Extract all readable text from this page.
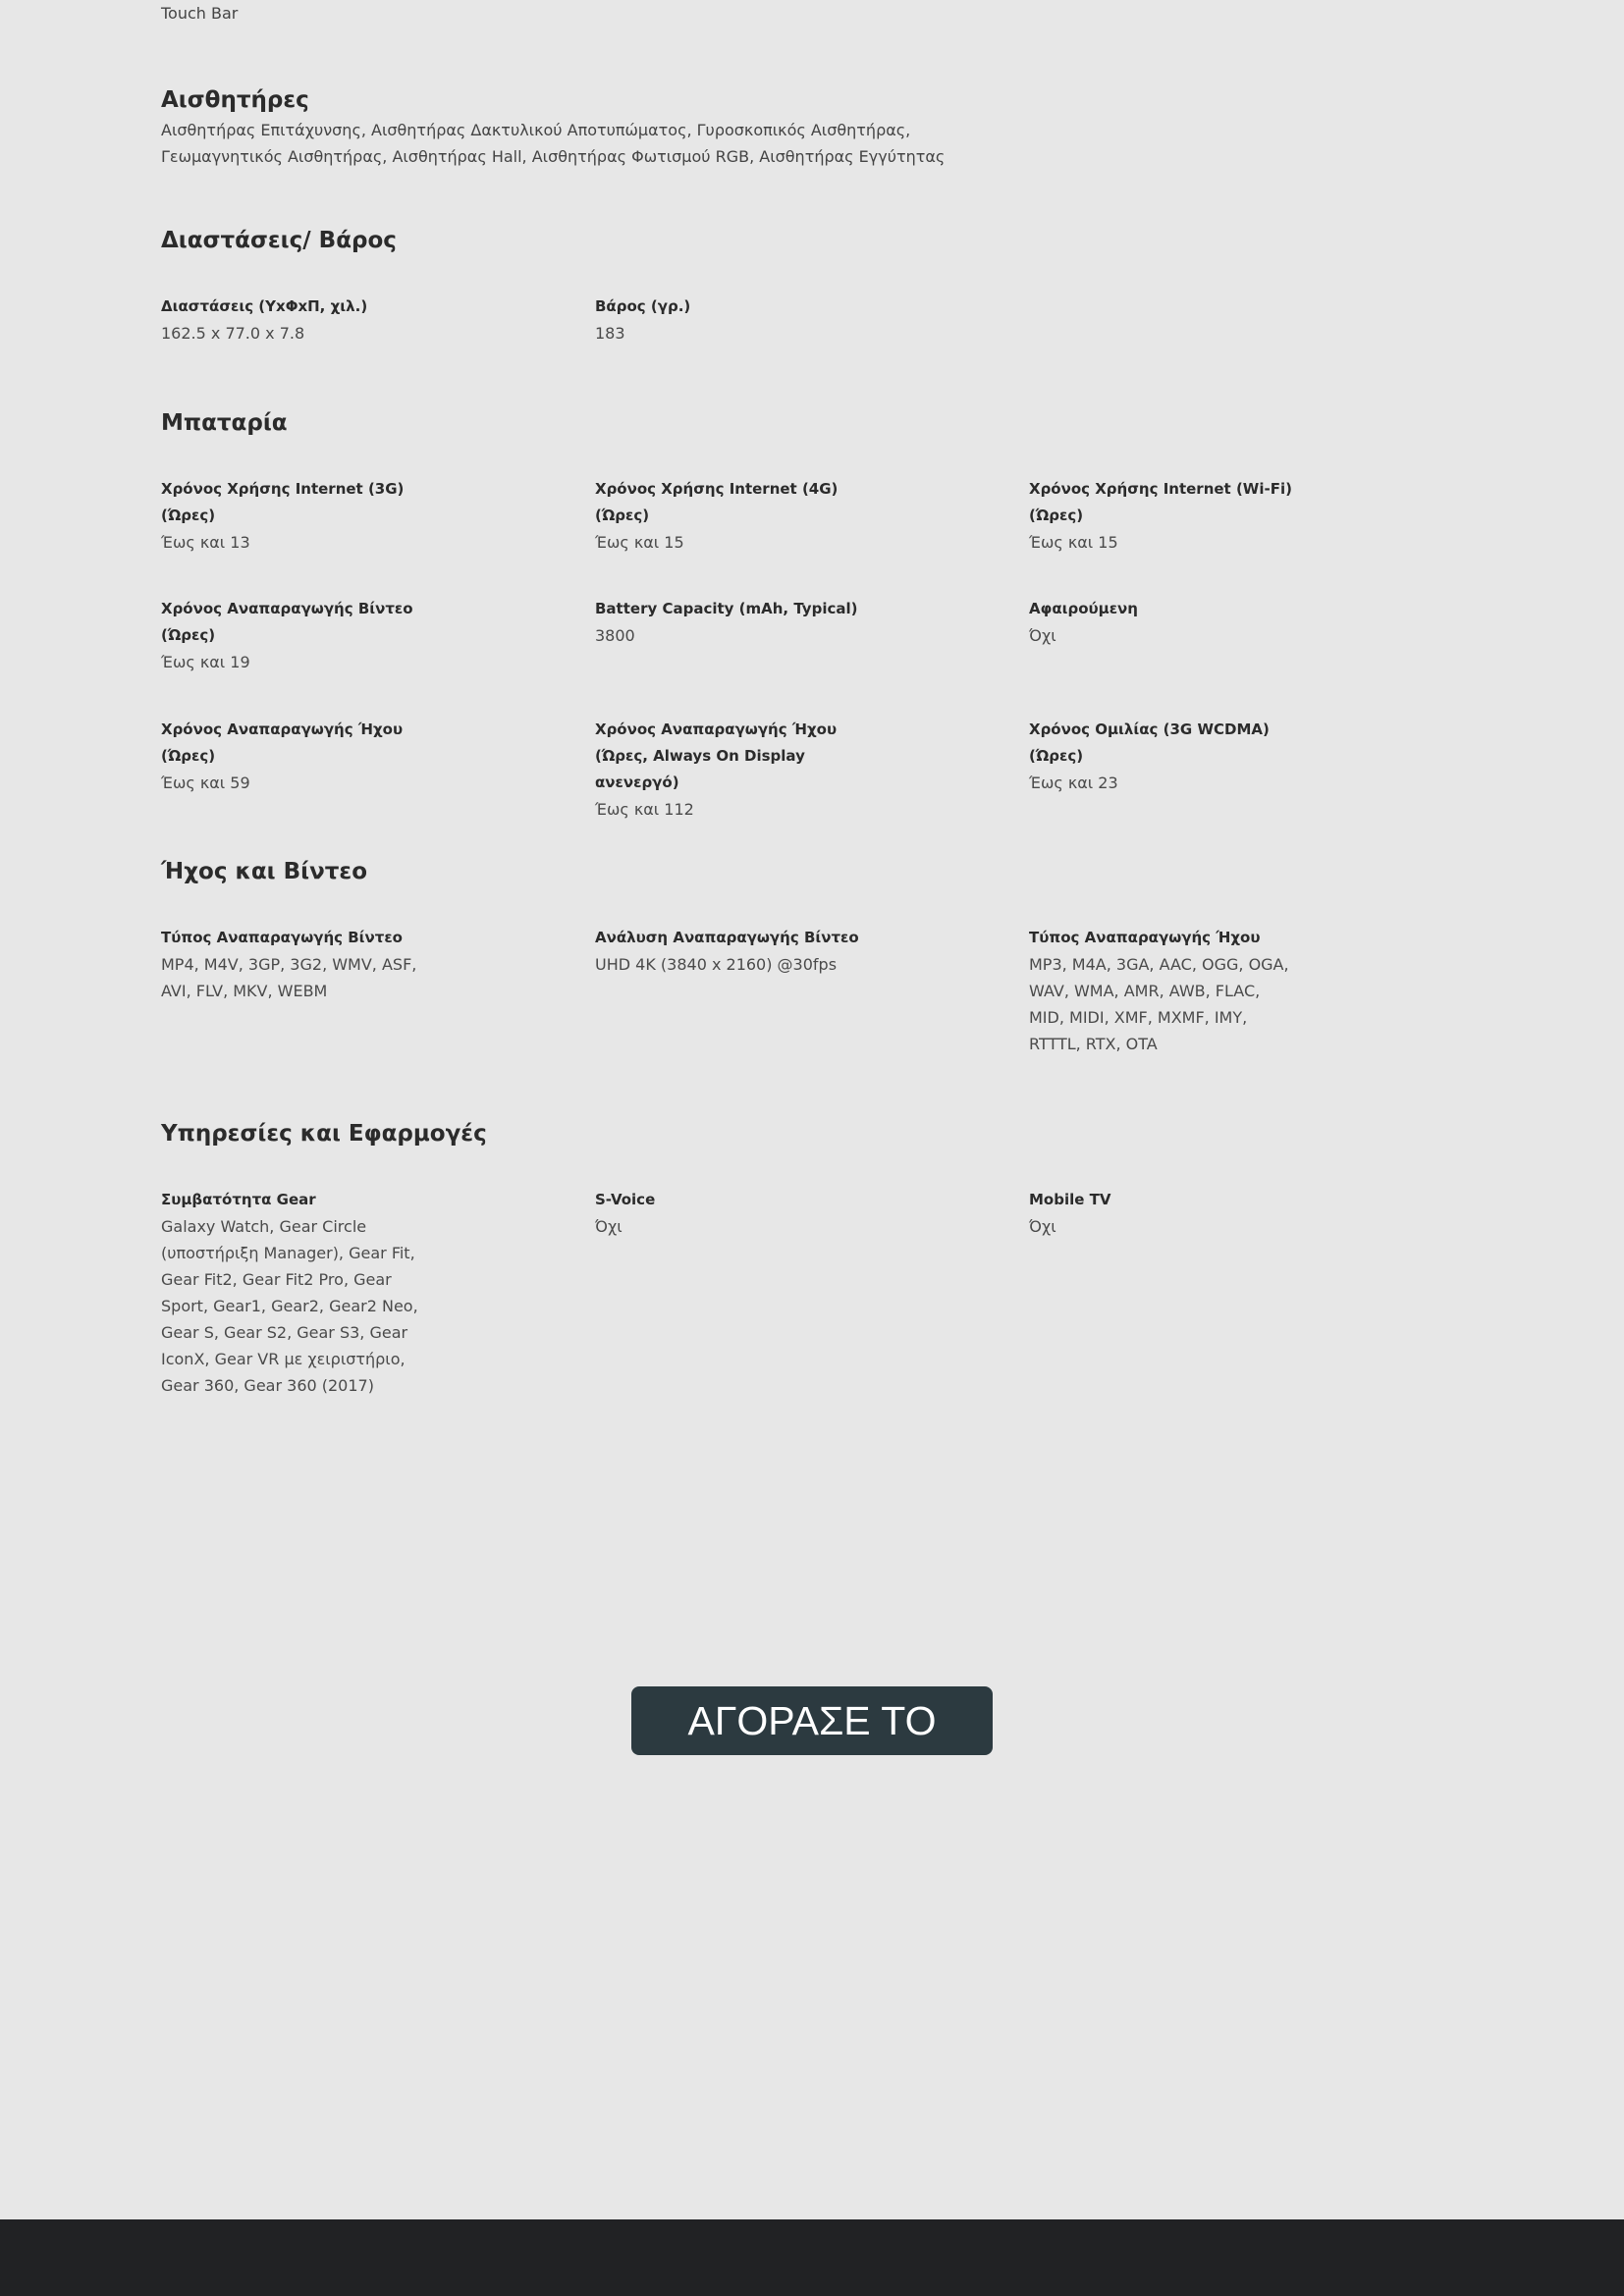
Touch Bar
Αισθητήρες
Αισθητήρας Επιτάχυνσης, Αισθητήρας Δακτυλικού Αποτυπώματος, Γυροσκοπικός Αισθητήρας, Γεωμαγνητικός Αισθητήρας, Αισθητήρας Hall, Αισθητήρας Φωτισμού RGB, Αισθητήρας Εγγύτητας
Διαστάσεις/ Βάρος
Διαστάσεις (ΥxΦxΠ, χιλ.)
162.5 x 77.0 x 7.8
Βάρος (γρ.)
183
Μπαταρία
Χρόνος Χρήσης Internet (3G) (Ώρες)
Έως και 13
Χρόνος Χρήσης Internet (4G) (Ώρες)
Έως και 15
Χρόνος Χρήσης Internet (Wi-Fi) (Ώρες)
Έως και 15
Χρόνος Αναπαραγωγής Βίντεο (Ώρες)
Έως και 19
Battery Capacity (mAh, Typical)
3800
Αφαιρούμενη
Όχι
Χρόνος Αναπαραγωγής Ήχου (Ώρες)
Έως και 59
Χρόνος Αναπαραγωγής Ήχου (Ώρες, Always On Display ανενεργό)
Έως και 112
Χρόνος Ομιλίας (3G WCDMA) (Ώρες)
Έως και 23
Ήχος και Βίντεο
Τύπος Αναπαραγωγής Βίντεο
MP4, M4V, 3GP, 3G2, WMV, ASF, AVI, FLV, MKV, WEBM
Ανάλυση Αναπαραγωγής Βίντεο
UHD 4K (3840 x 2160) @30fps
Τύπος Αναπαραγωγής Ήχου
MP3, M4A, 3GA, AAC, OGG, OGA, WAV, WMA, AMR, AWB, FLAC, MID, MIDI, XMF, MXMF, IMY, RTTTL, RTX, OTA
Υπηρεσίες και Εφαρμογές
Συμβατότητα Gear
Galaxy Watch, Gear Circle (υποστήριξη Manager), Gear Fit, Gear Fit2, Gear Fit2 Pro, Gear Sport, Gear1, Gear2, Gear2 Neo, Gear S, Gear S2, Gear S3, Gear IconX, Gear VR με χειριστήριο, Gear 360, Gear 360 (2017)
S-Voice
Όχι
Mobile TV
Όχι
ΑΓΟΡΑΣΕ ΤΟ
